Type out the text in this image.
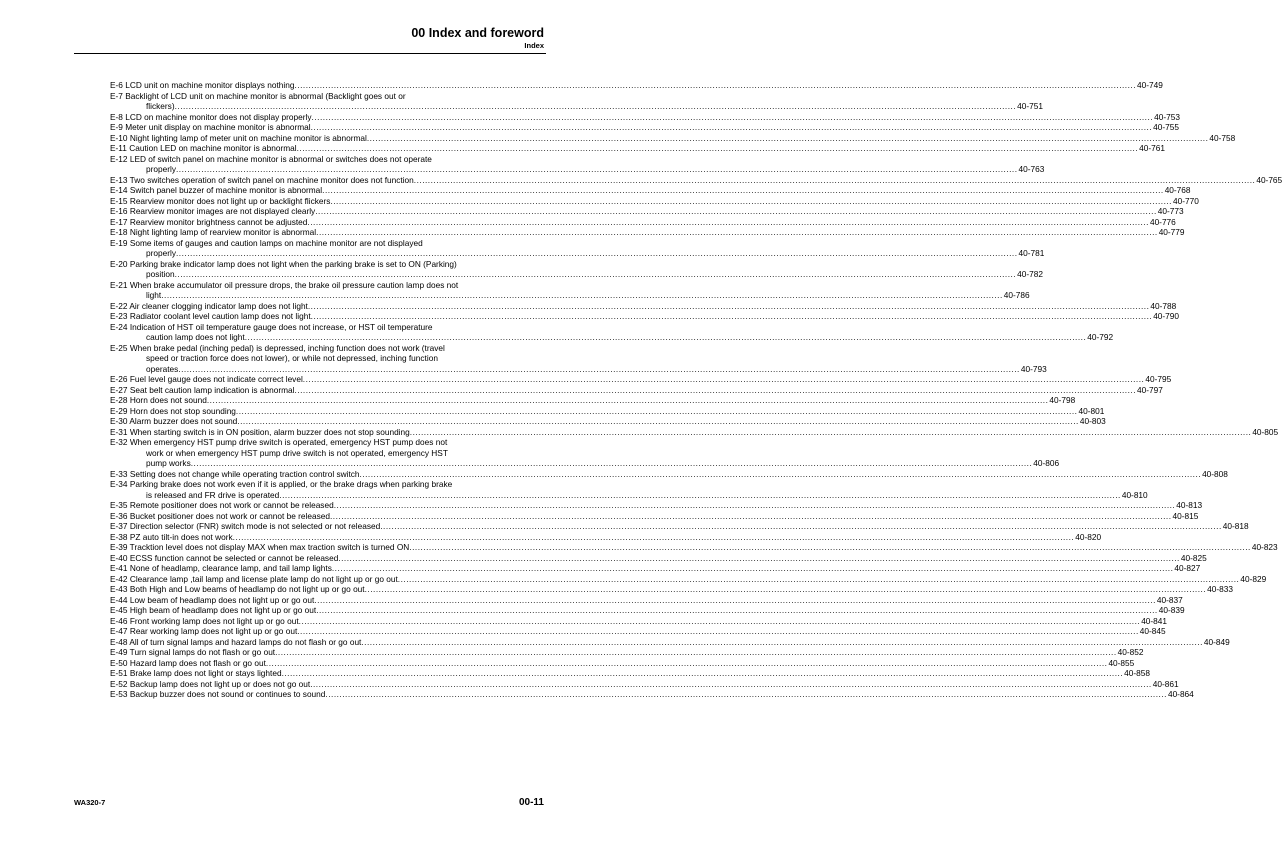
00 Index and foreword
Index
E-6 LCD unit on machine monitor displays nothing ............................................................................................................................................................................................................................................................................................................ 40-749
E-7 Backlight of LCD unit on machine monitor is abnormal (Backlight goes out or
flickers) ............................................................................................................................................................................................................................................................................................................ 40-751
E-8 LCD on machine monitor does not display properly ............................................................................................................................................................................................................................................................................................................ 40-753
E-9 Meter unit display on machine monitor is abnormal ............................................................................................................................................................................................................................................................................................................ 40-755
E-10 Night lighting lamp of meter unit on machine monitor is abnormal ............................................................................................................................................................................................................................................................................................................ 40-758
E-11 Caution LED on machine monitor is abnormal ............................................................................................................................................................................................................................................................................................................ 40-761
E-12 LED of switch panel on machine monitor is abnormal or switches does not operate
properly ............................................................................................................................................................................................................................................................................................................ 40-763
E-13 Two switches operation of switch panel on machine monitor does not function ............................................................................................................................................................................................................................................................................................................ 40-765
E-14 Switch panel buzzer of machine monitor is abnormal ............................................................................................................................................................................................................................................................................................................ 40-768
E-15 Rearview monitor does not light up or backlight flickers ............................................................................................................................................................................................................................................................................................................ 40-770
E-16 Rearview monitor images are not displayed clearly ............................................................................................................................................................................................................................................................................................................ 40-773
E-17 Rearview monitor brightness cannot be adjusted ............................................................................................................................................................................................................................................................................................................ 40-776
E-18 Night lighting lamp of rearview monitor is abnormal ............................................................................................................................................................................................................................................................................................................ 40-779
E-19 Some items of gauges and caution lamps on machine monitor are not displayed
properly ............................................................................................................................................................................................................................................................................................................ 40-781
E-20 Parking brake indicator lamp does not light when the parking brake is set to ON (Parking)
position ............................................................................................................................................................................................................................................................................................................ 40-782
E-21 When brake accumulator oil pressure drops, the brake oil pressure caution lamp does not
light ............................................................................................................................................................................................................................................................................................................ 40-786
E-22 Air cleaner clogging indicator lamp does not light ............................................................................................................................................................................................................................................................................................................ 40-788
E-23 Radiator coolant level caution lamp does not light ............................................................................................................................................................................................................................................................................................................ 40-790
E-24 Indication of HST oil temperature gauge does not increase, or HST oil temperature
caution lamp does not light ............................................................................................................................................................................................................................................................................................................ 40-792
E-25 When brake pedal (inching pedal) is depressed, inching function does not work (travel
speed or traction force does not lower), or while not depressed, inching function
operates ............................................................................................................................................................................................................................................................................................................ 40-793
E-26 Fuel level gauge does not indicate correct level ............................................................................................................................................................................................................................................................................................................ 40-795
E-27 Seat belt caution lamp indication is abnormal ............................................................................................................................................................................................................................................................................................................ 40-797
E-28 Horn does not sound ............................................................................................................................................................................................................................................................................................................ 40-798
E-29 Horn does not stop sounding ............................................................................................................................................................................................................................................................................................................ 40-801
E-30 Alarm buzzer does not sound ............................................................................................................................................................................................................................................................................................................ 40-803
E-31 When starting switch is in ON position, alarm buzzer does not stop sounding ............................................................................................................................................................................................................................................................................................................ 40-805
E-32 When emergency HST pump drive switch is operated, emergency HST pump does not
work or when emergency HST pump drive switch is not operated, emergency HST
pump works ............................................................................................................................................................................................................................................................................................................ 40-806
E-33 Setting does not change while operating traction control switch ............................................................................................................................................................................................................................................................................................................ 40-808
E-34 Parking brake does not work even if it is applied, or the brake drags when parking brake
is released and FR drive is operated ............................................................................................................................................................................................................................................................................................................ 40-810
E-35 Remote positioner does not work or cannot be released ............................................................................................................................................................................................................................................................................................................ 40-813
E-36 Bucket positioner does not work or cannot be released ............................................................................................................................................................................................................................................................................................................ 40-815
E-37 Direction selector (FNR) switch mode is not selected or not released ............................................................................................................................................................................................................................................................................................................ 40-818
E-38 PZ auto tilt-in does not work ............................................................................................................................................................................................................................................................................................................ 40-820
E-39 Tracktion level does not display MAX when max traction switch is turned ON ............................................................................................................................................................................................................................................................................................................ 40-823
E-40 ECSS function cannot be selected or cannot be released ............................................................................................................................................................................................................................................................................................................ 40-825
E-41 None of headlamp, clearance lamp, and tail lamp lights ............................................................................................................................................................................................................................................................................................................ 40-827
E-42 Clearance lamp ,tail lamp and license plate lamp do not light up or go out ............................................................................................................................................................................................................................................................................................................ 40-829
E-43 Both High and Low beams of headlamp do not light up or go out ............................................................................................................................................................................................................................................................................................................ 40-833
E-44 Low beam of headlamp does not light up or go out ............................................................................................................................................................................................................................................................................................................ 40-837
E-45 High beam of headlamp does not light up or go out ............................................................................................................................................................................................................................................................................................................ 40-839
E-46 Front working lamp does not light up or go out ............................................................................................................................................................................................................................................................................................................ 40-841
E-47 Rear working lamp does not light up or go out ............................................................................................................................................................................................................................................................................................................ 40-845
E-48 All of turn signal lamps and hazard lamps do not flash or go out ............................................................................................................................................................................................................................................................................................................ 40-849
E-49 Turn signal lamps do not flash or go out ............................................................................................................................................................................................................................................................................................................ 40-852
E-50 Hazard lamp does not flash or go out ............................................................................................................................................................................................................................................................................................................ 40-855
E-51 Brake lamp does not light or stays lighted ............................................................................................................................................................................................................................................................................................................ 40-858
E-52 Backup lamp does not light up or does not go out ............................................................................................................................................................................................................................................................................................................ 40-861
E-53 Backup buzzer does not sound or continues to sound ............................................................................................................................................................................................................................................................................................................ 40-864
WA320-7	00-11
